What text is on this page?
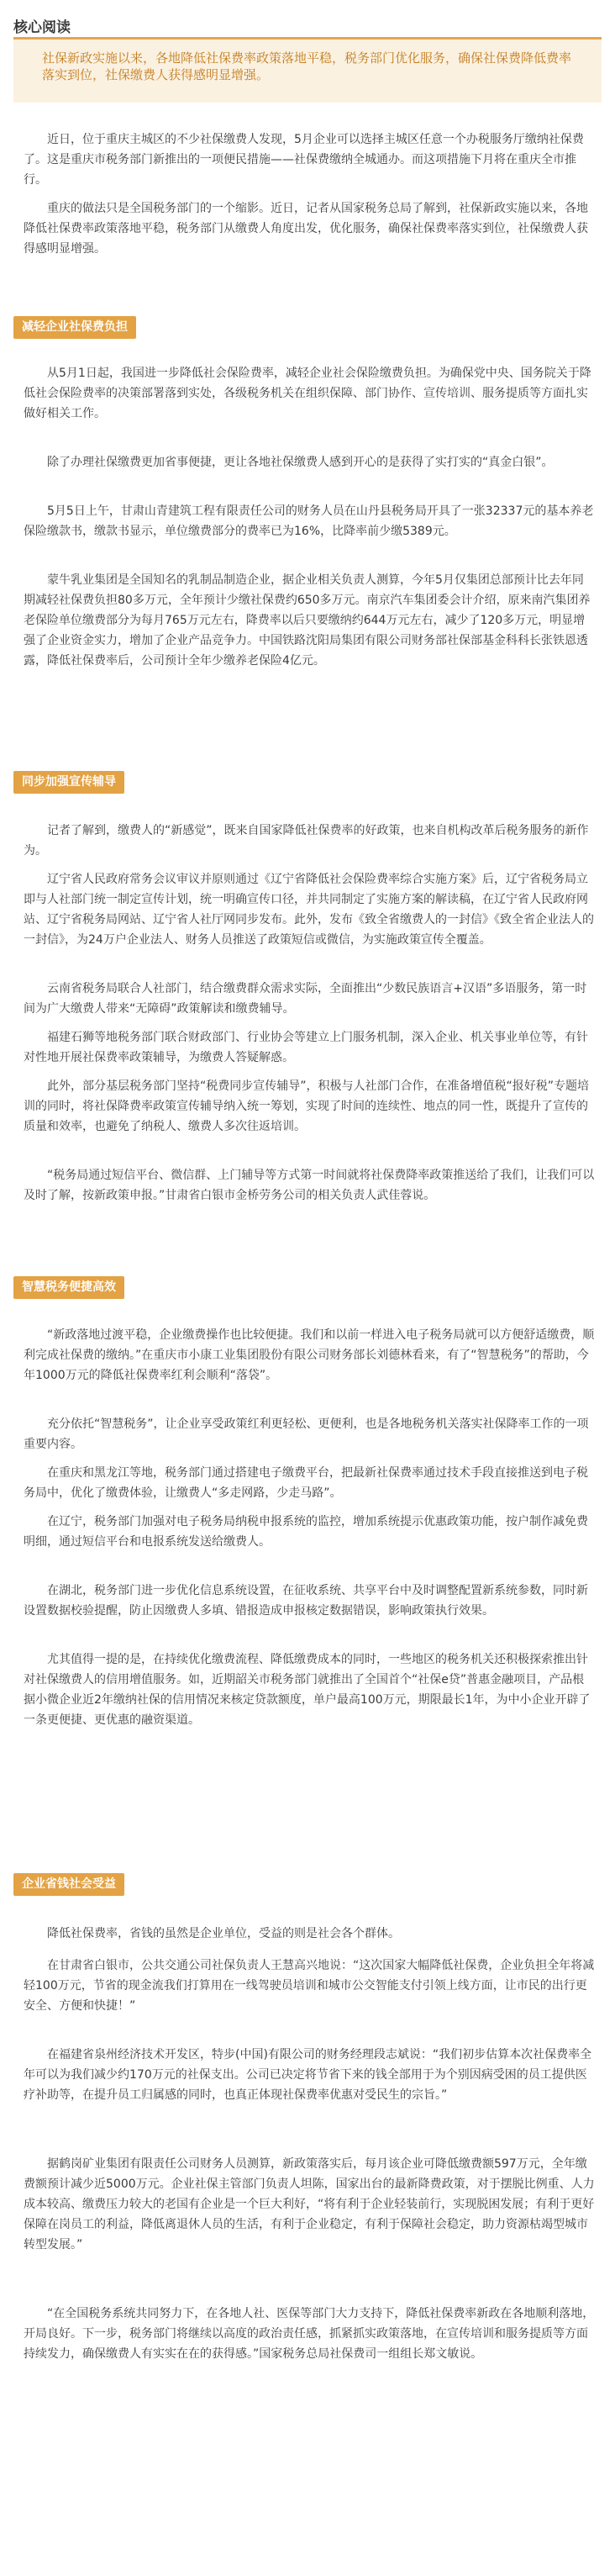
核心阅读
社保新政实施以来，各地降低社保费率政策落地平稳，税务部门优化服务，确保社保费降低费率落实到位，社保缴费人获得感明显增强。

近日，位于重庆主城区的不少社保缴费人发现，5月企业可以选择主城区任意一个办税服务厅缴纳社保费了。这是重庆市税务部门新推出的一项便民措施——社保费缴纳全城通办。而这项措施下月将在重庆全市推行。

重庆的做法只是全国税务部门的一个缩影。近日，记者从国家税务总局了解到，社保新政实施以来，各地降低社保费率政策落地平稳，税务部门从缴费人角度出发，优化服务，确保社保费率落实到位，社保缴费人获得感明显增强。

减轻企业社保费负担

从5月1日起，我国进一步降低社会保险费率，减轻企业社会保险缴费负担。为确保党中央、国务院关于降低社会保险费率的决策部署落到实处，各级税务机关在组织保障、部门协作、宣传培训、服务提质等方面扎实做好相关工作。

除了办理社保缴费更加省事便捷，更让各地社保缴费人感到开心的是获得了实打实的“真金白银”。

5月5日上午，甘肃山青建筑工程有限责任公司的财务人员在山丹县税务局开具了一张32337元的基本养老保险缴款书，缴款书显示，单位缴费部分的费率已为16%，比降率前少缴5389元。

蒙牛乳业集团是全国知名的乳制品制造企业，据企业相关负责人测算，今年5月仅集团总部预计比去年同期减轻社保费负担80多万元，全年预计少缴社保费约650多万元。南京汽车集团委会计介绍，原来南汽集团养老保险单位缴费部分为每月765万元左右，降费率以后只要缴纳约644万元左右，减少了120多万元，明显增强了企业资金实力，增加了企业产品竞争力。中国铁路沈阳局集团有限公司财务部社保部基金科科长张铁恩透露，降低社保费率后，公司预计全年少缴养老保险4亿元。

同步加强宣传辅导

记者了解到，缴费人的“新感觉”，既来自国家降低社保费率的好政策，也来自机构改革后税务服务的新作为。

辽宁省人民政府常务会议审议并原则通过《辽宁省降低社会保险费率综合实施方案》后，辽宁省税务局立即与人社部门统一制定宣传计划，统一明确宣传口径，并共同制定了实施方案的解读稿，在辽宁省人民政府网站、辽宁省税务局网站、辽宁省人社厅网同步发布。此外，发布《致全省缴费人的一封信》《致全省企业法人的一封信》，为24万户企业法人、财务人员推送了政策短信或微信，为实施政策宣传全覆盖。

云南省税务局联合人社部门，结合缴费群众需求实际，全面推出“少数民族语言+汉语”多语服务，第一时间为广大缴费人带来“无障碍”政策解读和缴费辅导。

福建石狮等地税务部门联合财政部门、行业协会等建立上门服务机制，深入企业、机关事业单位等，有针对性地开展社保费率政策辅导，为缴费人答疑解惑。

此外，部分基层税务部门坚持“税费同步宣传辅导”，积极与人社部门合作，在准备增值税“报好税”专题培训的同时，将社保降费率政策宣传辅导纳入统一筹划，实现了时间的连续性、地点的同一性，既提升了宣传的质量和效率，也避免了纳税人、缴费人多次往返培训。

“税务局通过短信平台、微信群、上门辅导等方式第一时间就将社保费降率政策推送给了我们，让我们可以及时了解，按新政策申报。”甘肃省白银市金桥劳务公司的相关负责人武佳蓉说。

智慧税务便捷高效

“新政落地过渡平稳，企业缴费操作也比较便捷。我们和以前一样进入电子税务局就可以方便舒适缴费，顺利完成社保费的缴纳。”在重庆市小康工业集团股份有限公司财务部长刘德林看来，有了“智慧税务”的帮助，今年1000万元的降低社保费率红利会顺利“落袋”。

充分依托“智慧税务”，让企业享受政策红利更轻松、更便利，也是各地税务机关落实社保降率工作的一项重要内容。

在重庆和黑龙江等地，税务部门通过搭建电子缴费平台，把最新社保费率通过技术手段直接推送到电子税务局中，优化了缴费体验，让缴费人“多走网路，少走马路”。

在辽宁，税务部门加强对电子税务局纳税申报系统的监控，增加系统提示优惠政策功能，按户制作减免费明细，通过短信平台和电报系统发送给缴费人。

在湖北，税务部门进一步优化信息系统设置，在征收系统、共享平台中及时调整配置新系统参数，同时新设置数据校验提醒，防止因缴费人多填、错报造成申报核定数据错误，影响政策执行效果。

尤其值得一提的是，在持续优化缴费流程、降低缴费成本的同时，一些地区的税务机关还积极探索推出针对社保缴费人的信用增值服务。如，近期韶关市税务部门就推出了全国首个“社保e贷”普惠金融项目，产品根据小微企业近2年缴纳社保的信用情况来核定贷款额度，单户最高100万元，期限最长1年，为中小企业开辟了一条更便捷、更优惠的融资渠道。

企业省钱社会受益

降低社保费率，省钱的虽然是企业单位，受益的则是社会各个群体。

在甘肃省白银市，公共交通公司社保负责人王慧高兴地说：“这次国家大幅降低社保费，企业负担全年将减轻100万元，节省的现金流我们打算用在一线驾驶员培训和城市公交智能支付引领上线方面，让市民的出行更安全、方便和快捷！”

在福建省泉州经济技术开发区，特步(中国)有限公司的财务经理段志斌说：“我们初步估算本次社保费率全年可以为我们减少约170万元的社保支出。公司已决定将节省下来的钱全部用于为个别因病受困的员工提供医疗补助等，在提升员工归属感的同时，也真正体现社保费率优惠对受民生的宗旨。”

据鹤岗矿业集团有限责任公司财务人员测算，新政策落实后，每月该企业可降低缴费额597万元，全年缴费额预计减少近5000万元。企业社保主管部门负责人坦陈，国家出台的最新降费政策，对于摆脱比例重、人力成本较高、缴费压力较大的老国有企业是一个巨大利好，“将有利于企业轻装前行，实现脱困发展；有利于更好保障在岗员工的利益，降低离退休人员的生活，有利于企业稳定，有利于保障社会稳定，助力资源枯竭型城市转型发展。”

“在全国税务系统共同努力下，在各地人社、医保等部门大力支持下，降低社保费率新政在各地顺利落地，开局良好。下一步，税务部门将继续以高度的政治责任感，抓紧抓实政策落地，在宣传培训和服务提质等方面持续发力，确保缴费人有实实在在的获得感。”国家税务总局社保费司一组组长郑文敏说。
